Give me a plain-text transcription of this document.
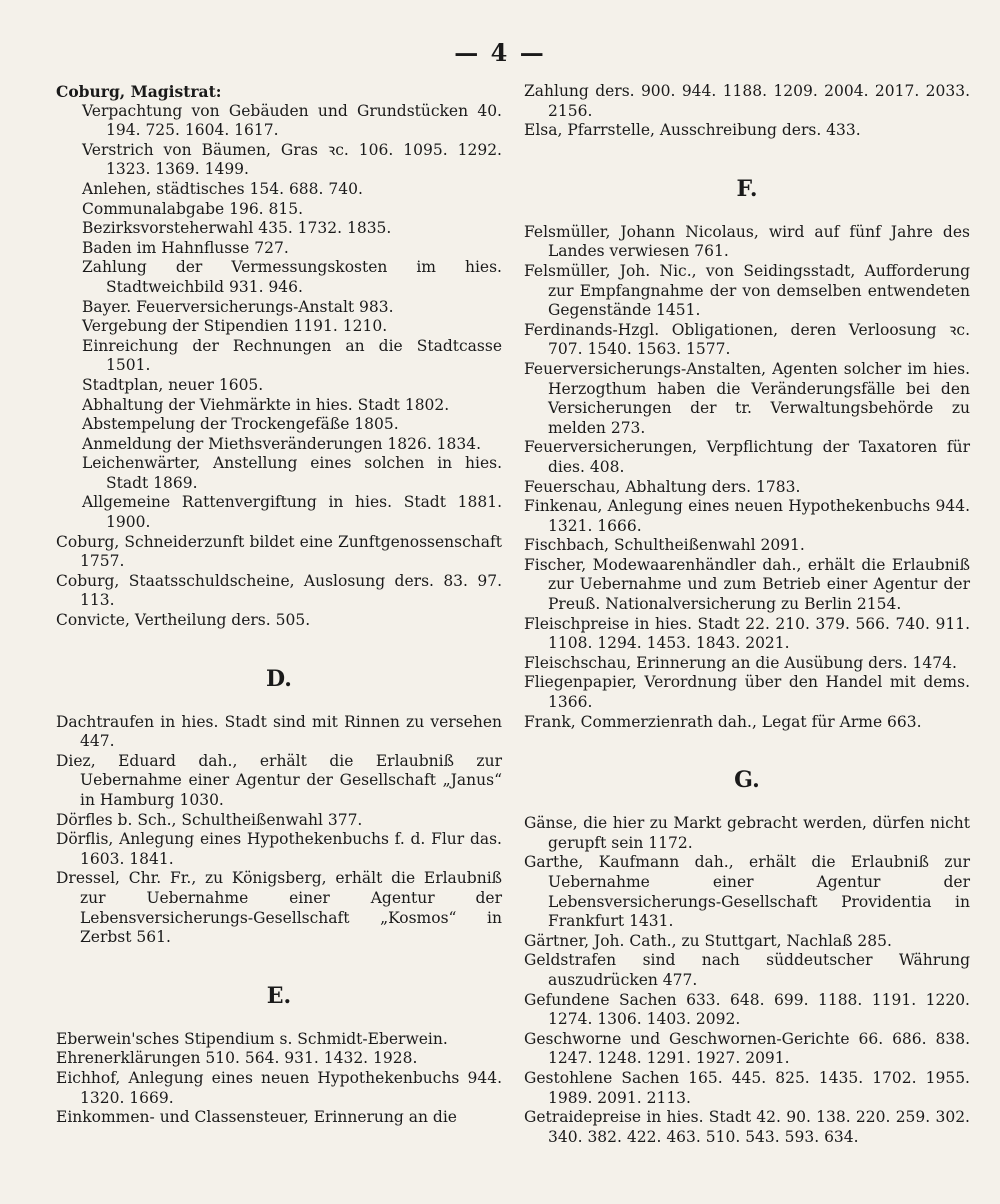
— 4 —

Coburg, Magistrat:

Verpachtung von Gebäuden und Grundstücken 40. 194. 725. 1604. 1617.

Verstrich von Bäumen, Gras ꝛc. 106. 1095. 1292. 1323. 1369. 1499.

Anlehen, städtisches 154. 688. 740.

Communalabgabe 196. 815.

Bezirksvorsteherwahl 435. 1732. 1835.

Baden im Hahnflusse 727.

Zahlung der Vermessungskosten im hies. Stadtweichbild 931. 946.

Bayer. Feuerversicherungs-Anstalt 983.

Vergebung der Stipendien 1191. 1210.

Einreichung der Rechnungen an die Stadtcasse 1501.

Stadtplan, neuer 1605.

Abhaltung der Viehmärkte in hies. Stadt 1802.

Abstempelung der Trockengefäße 1805.

Anmeldung der Miethsveränderungen 1826. 1834.

Leichenwärter, Anstellung eines solchen in hies. Stadt 1869.

Allgemeine Rattenvergiftung in hies. Stadt 1881. 1900.

Coburg, Schneiderzunft bildet eine Zunftgenossenschaft 1757.

Coburg, Staatsschuldscheine, Auslosung ders. 83. 97. 113.

Convicte, Vertheilung ders. 505.

D.

Dachtraufen in hies. Stadt sind mit Rinnen zu versehen 447.

Diez, Eduard dah., erhält die Erlaubniß zur Uebernahme einer Agentur der Gesellschaft „Janus“ in Hamburg 1030.

Dörfles b. Sch., Schultheißenwahl 377.

Dörflis, Anlegung eines Hypothekenbuchs f. d. Flur das. 1603. 1841.

Dressel, Chr. Fr., zu Königsberg, erhält die Erlaubniß zur Uebernahme einer Agentur der Lebensversicherungs-Gesellschaft „Kosmos“ in Zerbst 561.

E.

Eberwein'sches Stipendium s. Schmidt-Eberwein.

Ehrenerklärungen 510. 564. 931. 1432. 1928.

Eichhof, Anlegung eines neuen Hypothekenbuchs 944. 1320. 1669.

Einkommen- und Classensteuer, Erinnerung an die

Zahlung ders. 900. 944. 1188. 1209. 2004. 2017. 2033. 2156.

Elsa, Pfarrstelle, Ausschreibung ders. 433.

F.

Felsmüller, Johann Nicolaus, wird auf fünf Jahre des Landes verwiesen 761.

Felsmüller, Joh. Nic., von Seidingsstadt, Aufforderung zur Empfangnahme der von demselben entwendeten Gegenstände 1451.

Ferdinands-Hzgl. Obligationen, deren Verloosung ꝛc. 707. 1540. 1563. 1577.

Feuerversicherungs-Anstalten, Agenten solcher im hies. Herzogthum haben die Veränderungsfälle bei den Versicherungen der tr. Verwaltungsbehörde zu melden 273.

Feuerversicherungen, Verpflichtung der Taxatoren für dies. 408.

Feuerschau, Abhaltung ders. 1783.

Finkenau, Anlegung eines neuen Hypothekenbuchs 944. 1321. 1666.

Fischbach, Schultheißenwahl 2091.

Fischer, Modewaarenhändler dah., erhält die Erlaubniß zur Uebernahme und zum Betrieb einer Agentur der Preuß. Nationalversicherung zu Berlin 2154.

Fleischpreise in hies. Stadt 22. 210. 379. 566. 740. 911. 1108. 1294. 1453. 1843. 2021.

Fleischschau, Erinnerung an die Ausübung ders. 1474.

Fliegenpapier, Verordnung über den Handel mit dems. 1366.

Frank, Commerzienrath dah., Legat für Arme 663.

G.

Gänse, die hier zu Markt gebracht werden, dürfen nicht gerupft sein 1172.

Garthe, Kaufmann dah., erhält die Erlaubniß zur Uebernahme einer Agentur der Lebensversicherungs-Gesellschaft Providentia in Frankfurt 1431.

Gärtner, Joh. Cath., zu Stuttgart, Nachlaß 285.

Geldstrafen sind nach süddeutscher Währung auszudrücken 477.

Gefundene Sachen 633. 648. 699. 1188. 1191. 1220. 1274. 1306. 1403. 2092.

Geschworne und Geschwornen-Gerichte 66. 686. 838. 1247. 1248. 1291. 1927. 2091.

Gestohlene Sachen 165. 445. 825. 1435. 1702. 1955. 1989. 2091. 2113.

Getraidepreise in hies. Stadt 42. 90. 138. 220. 259. 302. 340. 382. 422. 463. 510. 543. 593. 634.
